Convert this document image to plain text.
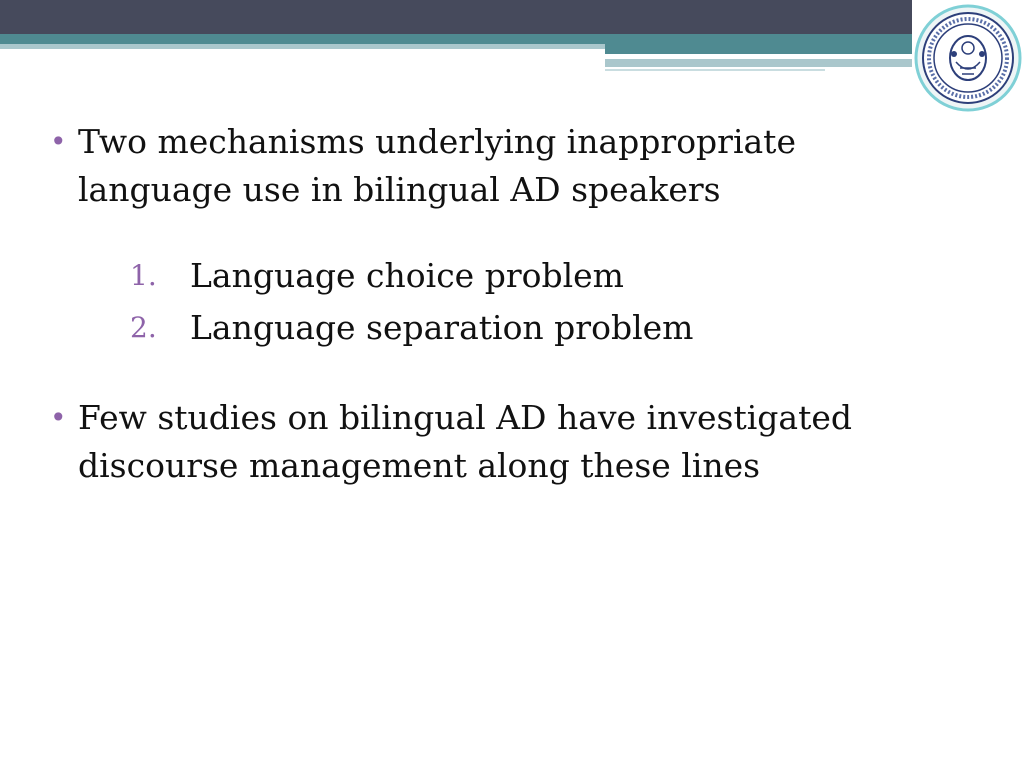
• Two mechanisms underlying inappropriate language use in bilingual AD speakers
1. Language choice problem
2. Language separation problem
• Few studies on bilingual AD have investigated discourse management along these lines
